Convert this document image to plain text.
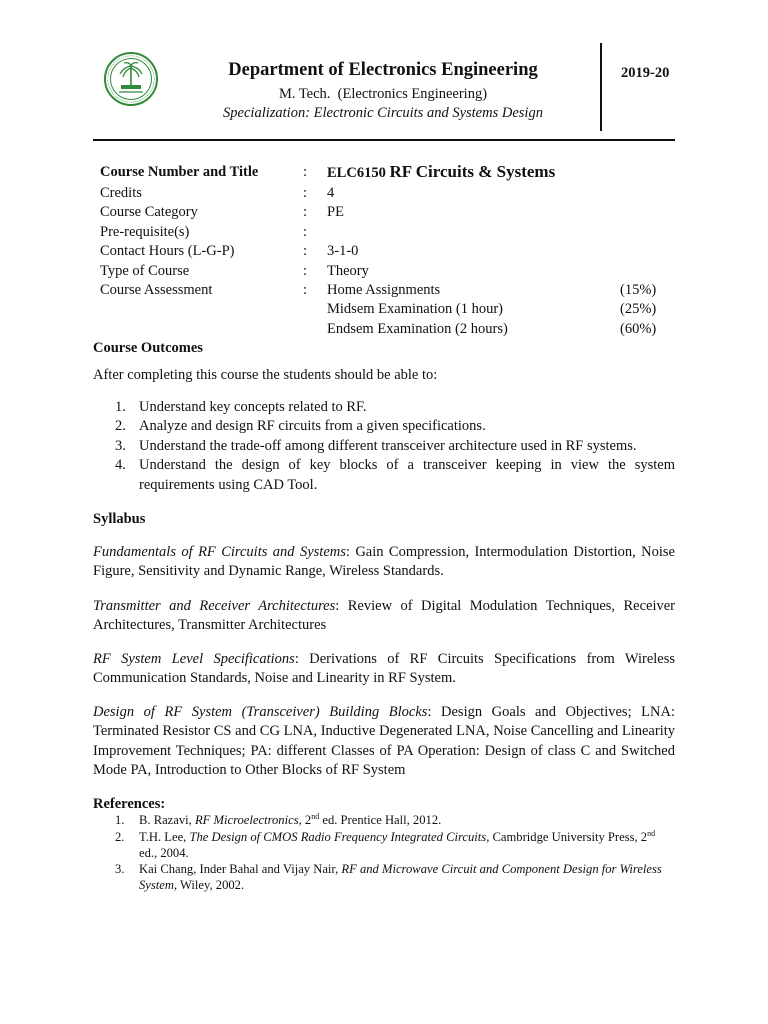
Department of Electronics Engineering
M. Tech.  (Electronics Engineering)
Specialization: Electronic Circuits and Systems Design
2019-20
Course Number and Title	: ELC6150 RF Circuits & Systems
Credits	: 4
Course Category	: PE
Pre-requisite(s)	:
Contact Hours (L-G-P)	: 3-1-0
Type of Course	: Theory
Course Assessment	: Home Assignments	(15%)
Midsem Examination (1 hour)	(25%)
Endsem Examination (2 hours)	(60%)
Course Outcomes
After completing this course the students should be able to:
1. Understand key concepts related to RF.
2. Analyze and design RF circuits from a given specifications.
3. Understand the trade-off among different transceiver architecture used in RF systems.
4. Understand the design of key blocks of a transceiver keeping in view the system requirements using CAD Tool.
Syllabus
Fundamentals of RF Circuits and Systems: Gain Compression, Intermodulation Distortion, Noise Figure, Sensitivity and Dynamic Range, Wireless Standards.
Transmitter and Receiver Architectures: Review of Digital Modulation Techniques, Receiver Architectures, Transmitter Architectures
RF System Level Specifications: Derivations of RF Circuits Specifications from Wireless Communication Standards, Noise and Linearity in RF System.
Design of RF System (Transceiver) Building Blocks: Design Goals and Objectives; LNA: Terminated Resistor CS and CG LNA, Inductive Degenerated LNA, Noise Cancelling and Linearity Improvement Techniques; PA: different Classes of PA Operation: Design of class C and Switched Mode PA, Introduction to Other Blocks of RF System
References:
1. B. Razavi, RF Microelectronics, 2nd ed. Prentice Hall, 2012.
2. T.H. Lee, The Design of CMOS Radio Frequency Integrated Circuits, Cambridge University Press, 2nd ed., 2004.
3. Kai Chang, Inder Bahal and Vijay Nair, RF and Microwave Circuit and Component Design for Wireless System, Wiley, 2002.
